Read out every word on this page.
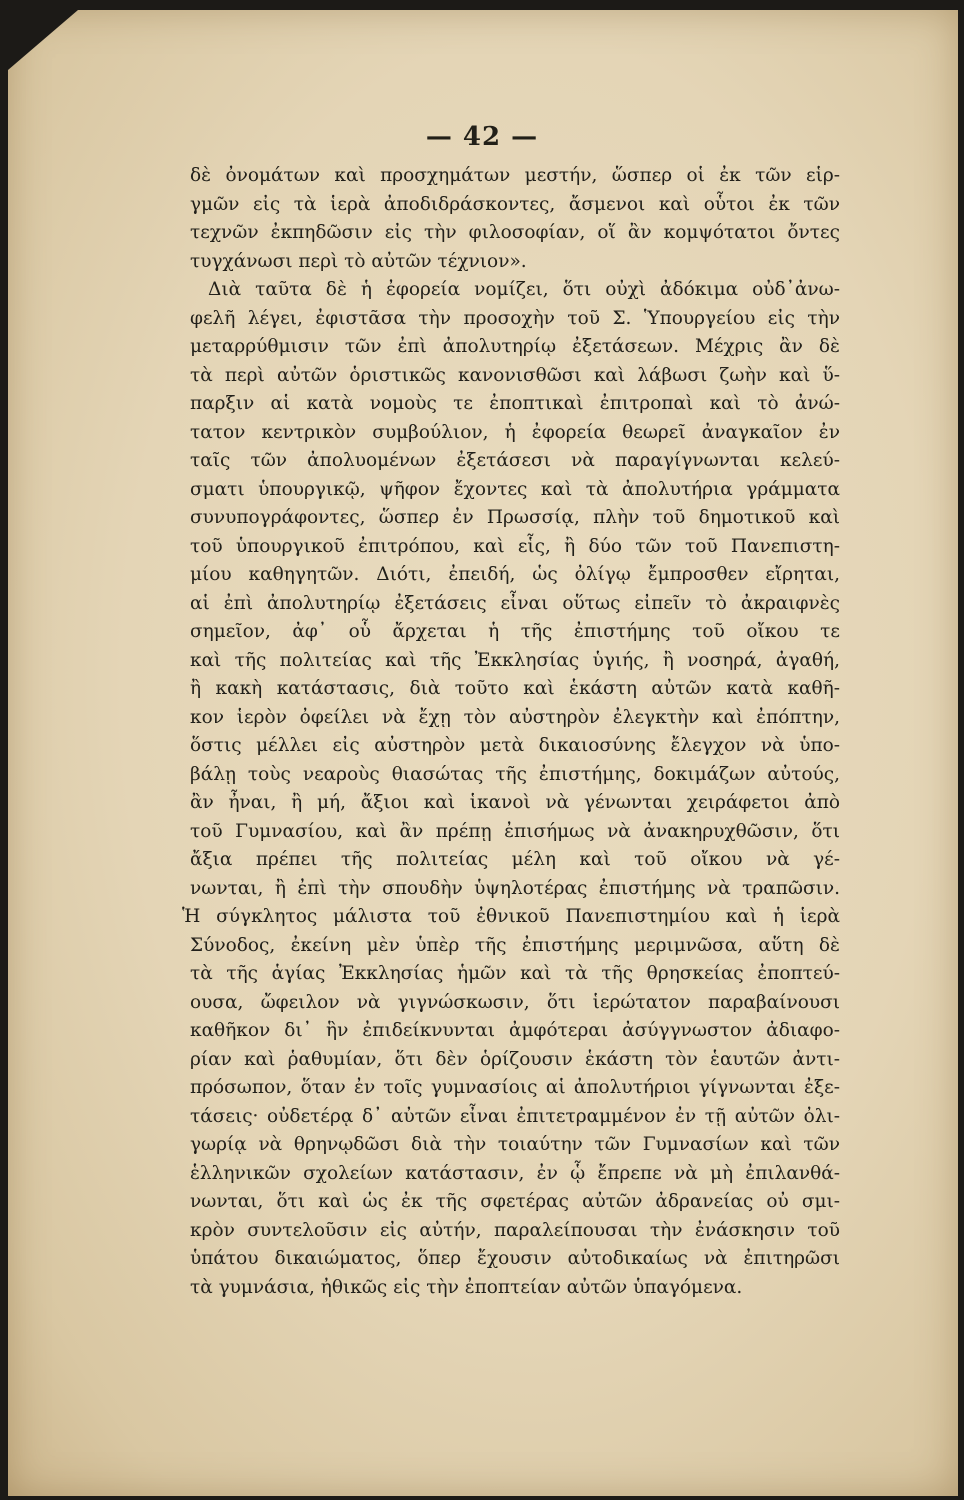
— 42 —
δὲ ὀνομάτων καὶ προσχημάτων μεστήν, ὥσπερ οἱ ἐκ τῶν εἱρ-
γμῶν εἰς τὰ ἱερὰ ἀποδιδράσκοντες, ἄσμενοι καὶ οὗτοι ἐκ τῶν
τεχνῶν ἐκπηδῶσιν εἰς τὴν φιλοσοφίαν, οἵ ἂν κομψότατοι ὄντες
τυγχάνωσι περὶ τὸ αὐτῶν τέχνιον».
Διὰ ταῦτα δὲ ἡ ἐφορεία νομίζει, ὅτι οὐχὶ ἀδόκιμα οὐδ᾽ἀνω-
φελῆ λέγει, ἐφιστᾶσα τὴν προσοχὴν τοῦ Σ. Ὑπουργείου εἰς τὴν
μεταρρύθμισιν τῶν ἐπὶ ἀπολυτηρίῳ ἐξετάσεων. Μέχρις ἂν δὲ
τὰ περὶ αὐτῶν ὁριστικῶς κανονισθῶσι καὶ λάβωσι ζωὴν καὶ ὕ-
παρξιν αἱ κατὰ νομοὺς τε ἐποπτικαὶ ἐπιτροπαὶ καὶ τὸ ἀνώ-
τατον κεντρικὸν συμβούλιον, ἡ ἐφορεία θεωρεῖ ἀναγκαῖον ἐν
ταῖς τῶν ἀπολυομένων ἐξετάσεσι νὰ παραγίγνωνται κελεύ-
σματι ὑπουργικῷ, ψῆφον ἔχοντες καὶ τὰ ἀπολυτήρια γράμματα
συνυπογράφοντες, ὥσπερ ἐν Πρωσσίᾳ, πλὴν τοῦ δημοτικοῦ καὶ
τοῦ ὑπουργικοῦ ἐπιτρόπου, καὶ εἷς, ἢ δύο τῶν τοῦ Πανεπιστη-
μίου καθηγητῶν. Διότι, ἐπειδή, ὡς ὀλίγῳ ἔμπροσθεν εἴρηται,
αἱ ἐπὶ ἀπολυτηρίῳ ἐξετάσεις εἶναι οὕτως εἰπεῖν τὸ ἀκραιφνὲς
σημεῖον, ἀφ᾽ οὗ ἄρχεται ἡ τῆς ἐπιστήμης τοῦ οἴκου τε
καὶ τῆς πολιτείας καὶ τῆς Ἐκκλησίας ὑγιής, ἢ νοσηρά, ἀγαθή,
ἢ κακὴ κατάστασις, διὰ τοῦτο καὶ ἑκάστη αὐτῶν κατὰ καθῆ-
κον ἱερὸν ὀφείλει νὰ ἔχῃ τὸν αὐστηρὸν ἐλεγκτὴν καὶ ἐπόπτην,
ὅστις μέλλει εἰς αὐστηρὸν μετὰ δικαιοσύνης ἔλεγχον νὰ ὑπο-
βάλῃ τοὺς νεαροὺς θιασώτας τῆς ἐπιστήμης, δοκιμάζων αὐτούς,
ἂν ἦναι, ἢ μή, ἄξιοι καὶ ἱκανοὶ νὰ γένωνται χειράφετοι ἀπὸ
τοῦ Γυμνασίου, καὶ ἂν πρέπῃ ἐπισήμως νὰ ἀνακηρυχθῶσιν, ὅτι
ἄξια πρέπει τῆς πολιτείας μέλη καὶ τοῦ οἴκου νὰ γέ-
νωνται, ἢ ἐπὶ τὴν σπουδὴν ὑψηλοτέρας ἐπιστήμης νὰ τραπῶσιν.
Ἡ σύγκλητος μάλιστα τοῦ ἐθνικοῦ Πανεπιστημίου καὶ ἡ ἱερὰ
Σύνοδος, ἐκείνη μὲν ὑπὲρ τῆς ἐπιστήμης μεριμνῶσα, αὕτη δὲ
τὰ τῆς ἁγίας Ἐκκλησίας ἡμῶν καὶ τὰ τῆς θρησκείας ἐποπτεύ-
ουσα, ὤφειλον νὰ γιγνώσκωσιν, ὅτι ἱερώτατον παραβαίνουσι
καθῆκον δι᾽ ἣν ἐπιδείκνυνται ἀμφότεραι ἀσύγγνωστον ἀδιαφο-
ρίαν καὶ ῥαθυμίαν, ὅτι δὲν ὁρίζουσιν ἑκάστη τὸν ἑαυτῶν ἀντι-
πρόσωπον, ὅταν ἐν τοῖς γυμνασίοις αἱ ἀπολυτήριοι γίγνωνται ἐξε-
τάσεις· οὐδετέρᾳ δ᾽ αὐτῶν εἶναι ἐπιτετραμμένον ἐν τῇ αὐτῶν ὀλι-
γωρίᾳ νὰ θρηνῳδῶσι διὰ τὴν τοιαύτην τῶν Γυμνασίων καὶ τῶν
ἑλληνικῶν σχολείων κατάστασιν, ἐν ᾧ ἔπρεπε νὰ μὴ ἐπιλανθά-
νωνται, ὅτι καὶ ὡς ἐκ τῆς σφετέρας αὐτῶν ἀδρανείας οὐ σμι-
κρὸν συντελοῦσιν εἰς αὐτήν, παραλείπουσαι τὴν ἐνάσκησιν τοῦ
ὑπάτου δικαιώματος, ὅπερ ἔχουσιν αὐτοδικαίως νὰ ἐπιτηρῶσι
τὰ γυμνάσια, ἠθικῶς εἰς τὴν ἐποπτείαν αὐτῶν ὑπαγόμενα.
